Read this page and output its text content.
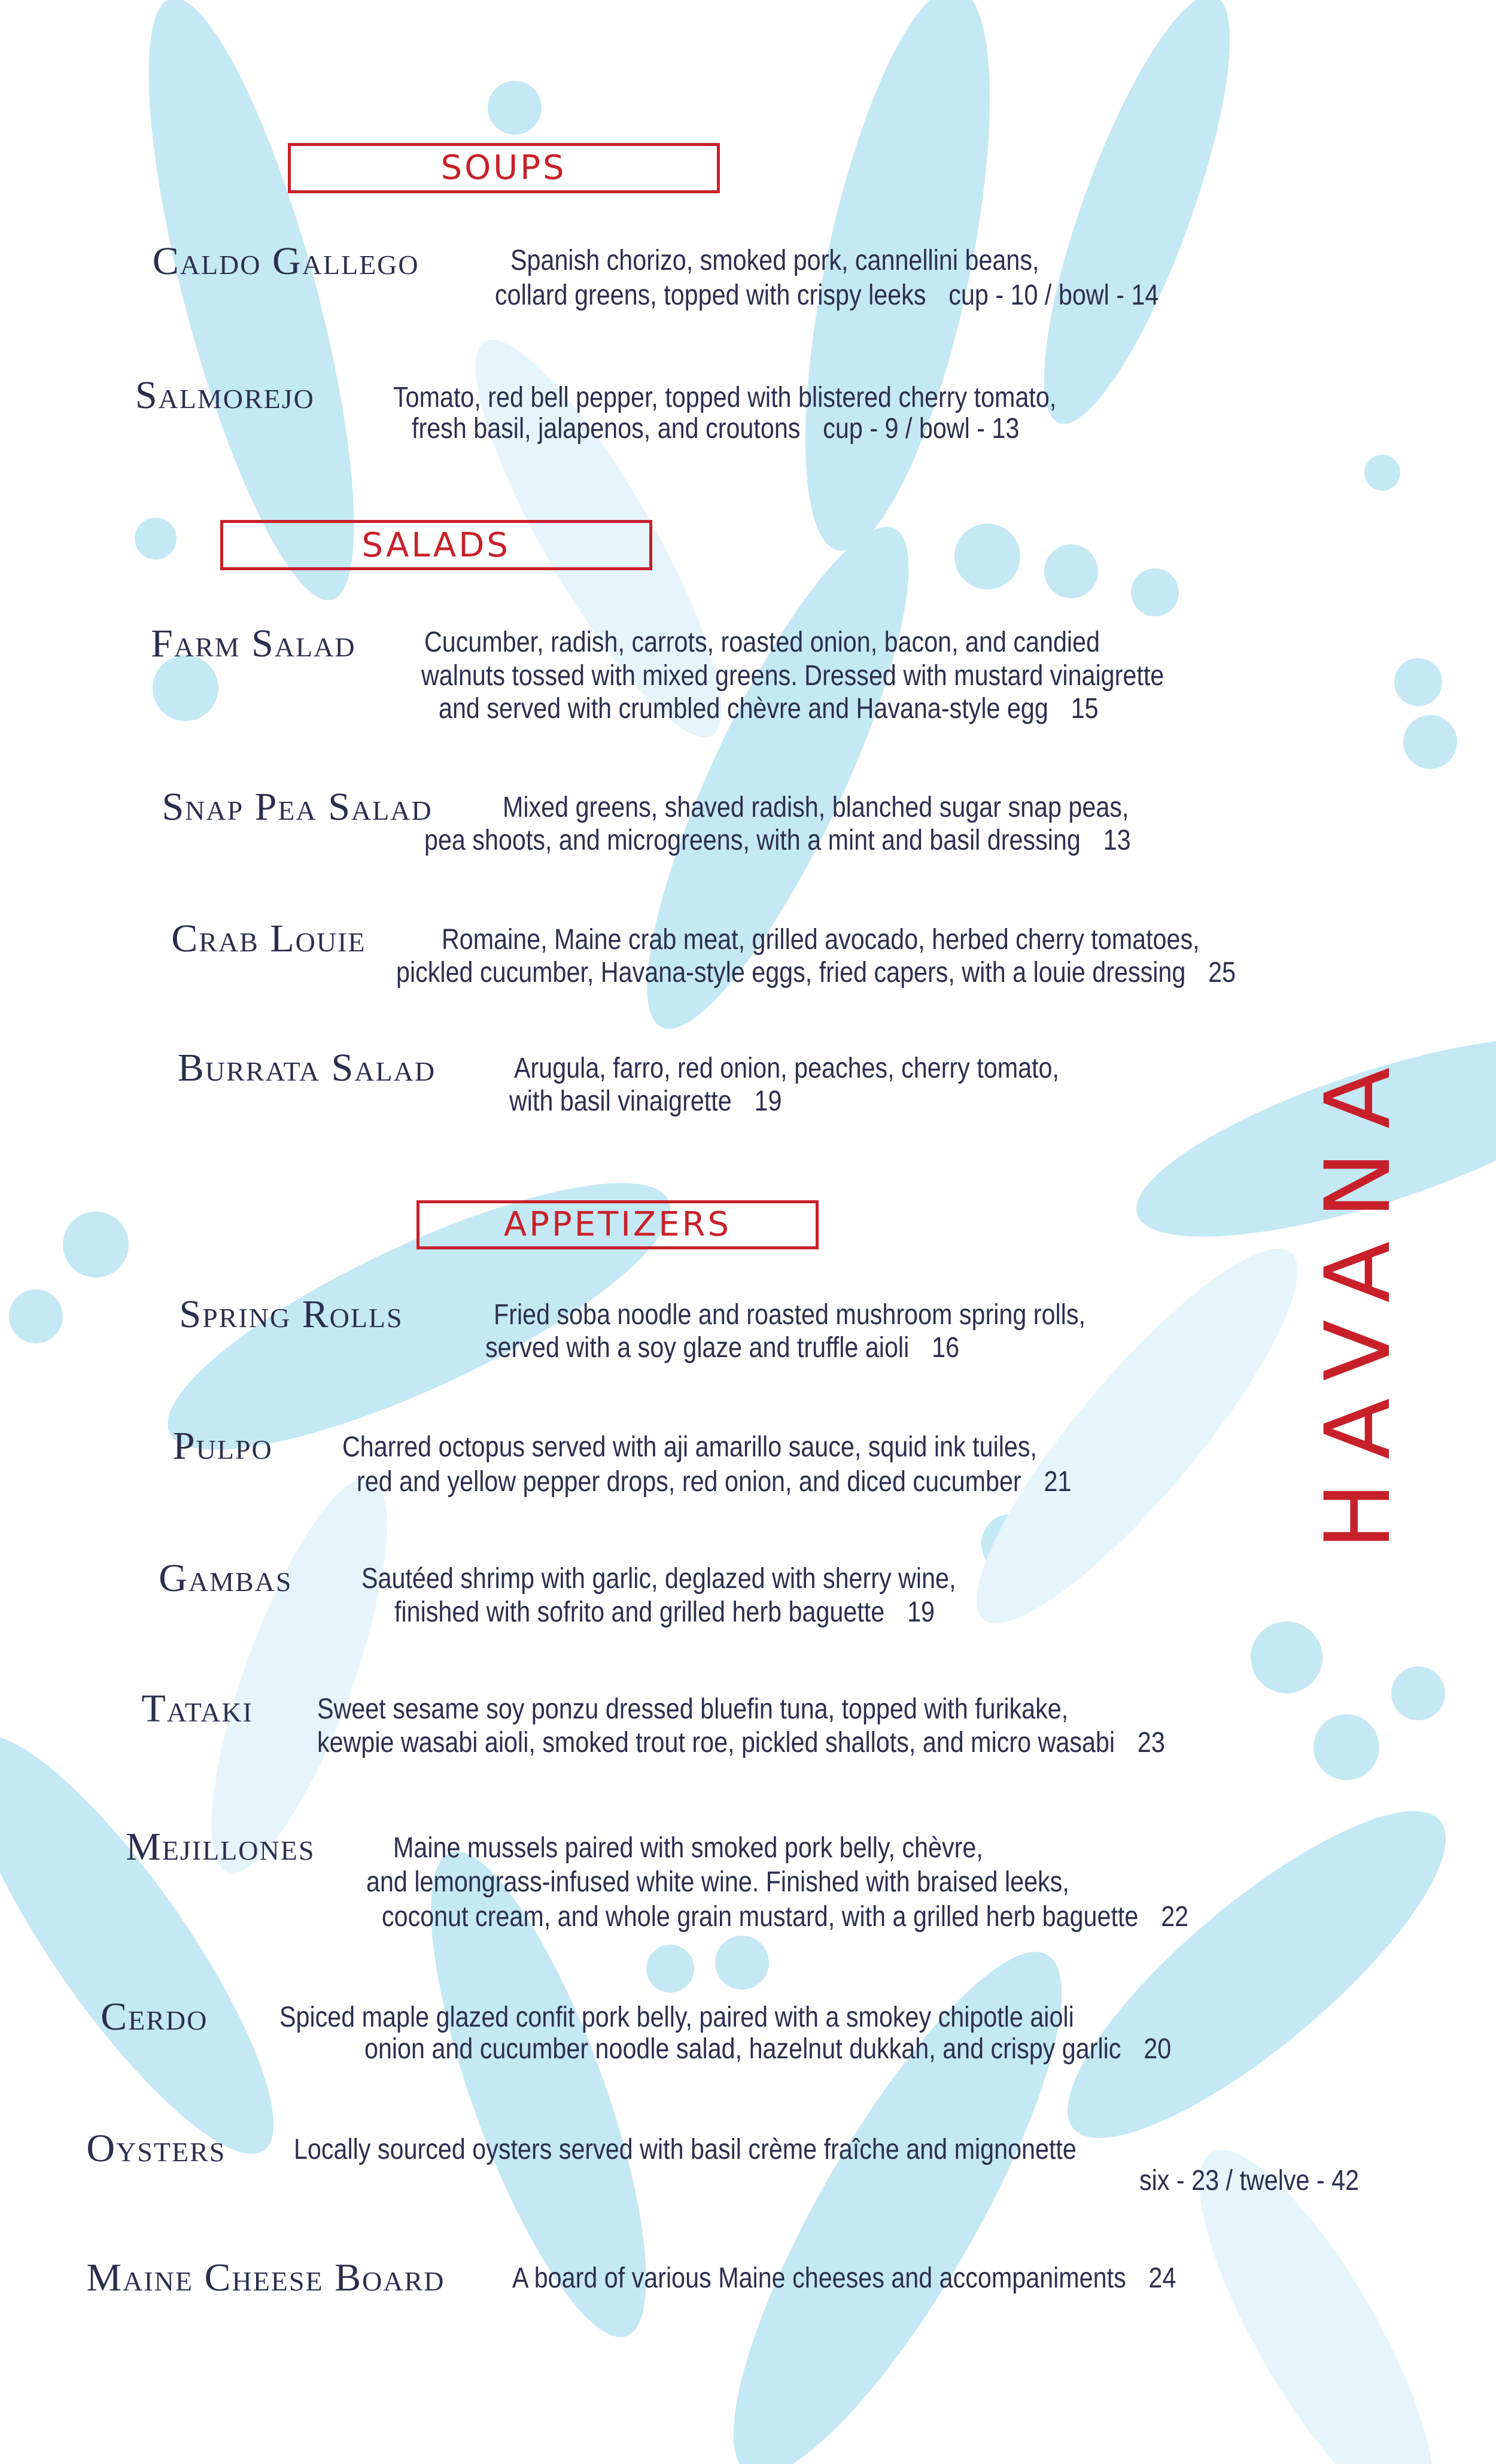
SOUPS
Caldo Gallego	Spanish chorizo, smoked pork, cannellini beans,
collard greens, topped with crispy leeks cup - 10 / bowl - 14
Salmorejo	Tomato, red bell pepper, topped with blistered cherry tomato,
fresh basil, jalapenos, and croutons cup - 9 / bowl - 13
SALADS
Farm Salad Cucumber, radish, carrots, roasted onion, bacon, and candied
walnuts tossed with mixed greens. Dressed with mustard vinaigrette
and served with crumbled chèvre and Havana-style egg 15
Snap Pea Salad Mixed greens, shaved radish, blanched sugar snap peas,
pea shoots, and microgreens, with a mint and basil dressing 13
Crab Louie	Romaine, Maine crab meat, grilled avocado, herbed cherry tomatoes,
pickled cucumber, Havana-style eggs, fried capers, with a louie dressing 25
Burrata Salad	Arugula, farro, red onion, peaches, cherry tomato,
with basil vinaigrette 19
APPETIZERS
Spring Rolls	Fried soba noodle and roasted mushroom spring rolls,
served with a soy glaze and truffle aioli 16
Pulpo Charred octopus served with aji amarillo sauce, squid ink tuiles,
red and yellow pepper drops, red onion, and diced cucumber 21
Gambas Sautéed shrimp with garlic, deglazed with sherry wine,
finished with sofrito and grilled herb baguette 19
Tataki Sweet sesame soy ponzu dressed bluefin tuna, topped with furikake,
kewpie wasabi aioli, smoked trout roe, pickled shallots, and micro wasabi 23
Mejillones	Maine mussels paired with smoked pork belly, chèvre,
and lemongrass-infused white wine. Finished with braised leeks,
coconut cream, and whole grain mustard, with a grilled herb baguette 22
Cerdo	Spiced maple glazed confit pork belly, paired with a smokey chipotle aioli
onion and cucumber noodle salad, hazelnut dukkah, and crispy garlic 20
Oysters Locally sourced oysters served with basil crème fraîche and mignonette
six - 23 / twelve - 42
Maine Cheese Board A board of various Maine cheeses and accompaniments 24
HAVANA
